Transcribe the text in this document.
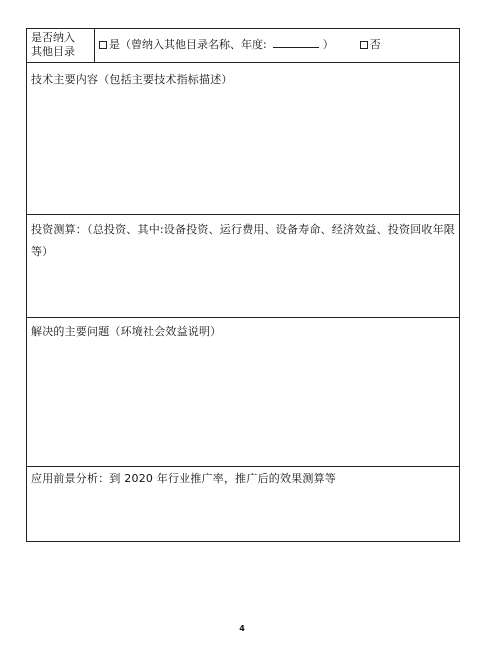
是否纳入
其他目录
是（曾纳入其他目录名称、年度:	）	否
技术主要内容（包括主要技术指标描述）
投资测算：（总投资、其中:设备投资、运行费用、设备寿命、经济效益、投资回收年限等）
解决的主要问题（环境社会效益说明）
应用前景分析：到 2020 年行业推广率，推广后的效果测算等
4
